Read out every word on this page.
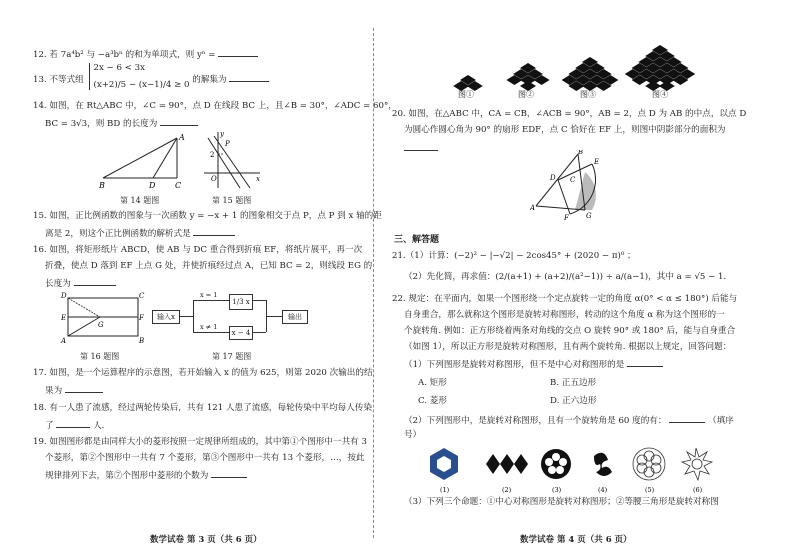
12. 若 7a⁴b² 与 −a³bⁿ 的和为单项式，则 yⁿ =
13. 不等式组
2x − 6 < 3x
(x+2)/5 − (x−1)/4 ≥ 0 的解集为
14. 如图，在 Rt△ABC 中，∠C = 90°，点 D 在线段 BC 上，且∠B = 30°，∠ADC = 60°，
BC = 3√3，则 BD 的长度为
A
B	D C
y
2
P
O	x
第 14 题图	第 15 题图
15. 如图，正比例函数的图象与一次函数 y = −x + 1 的图象相交于点 P，点 P 到 x 轴的距
离是 2，则这个正比例函数的解析式是
16. 如图，将矩形纸片 ABCD，使 AB 与 DC 重合得到折痕 EF，将纸片展平，再一次
折叠，使点 D 落到 EF 上点 G 处，并使折痕经过点 A，已知 BC = 2，则线段 EG 的
长度为
D	C
E	F
G
A	B
输入x
x = 1
x ≠ 1
1/3 x
x − 4
输出
第 16 题图	第 17 题图
17. 如图，是一个运算程序的示意图，若开始输入 x 的值为 625，则第 2020 次输出的结
果为
18. 有一人患了流感，经过两轮传染后，共有 121 人患了流感，每轮传染中平均每人传染
了	人.
19. 如图图形都是由同样大小的菱形按照一定规律所组成的，其中第①个图形中一共有 3
个菱形，第②个图形中一共有 7 个菱形，第③个图形中一共有 13 个菱形，…，按此
规律排列下去，第⑦个图形中菱形的个数为
数学试卷 第 3 页（共 6 页）
图①	图②	图③	图④
20. 如图，在△ABC 中，CA = CB，∠ACB = 90°，AB = 2，点 D 为 AB 的中点，以点 D
为圆心作圆心角为 90° 的扇形 EDF，点 C 恰好在 EF 上，则图中阴影部分的面积为
B
E
D C
A
F G
三、解答题
21.（1）计算：(−2)² − |−√2| − 2cos45° + (2020 − π)⁰ ；
（2）先化简，再求值：(2/(a+1) + (a+2)/(a²−1)) ÷ a/(a−1)，其中 a = √5 − 1.
22. 规定：在平面内，如果一个图形绕一个定点旋转一定的角度 α(0° < α ≤ 180°) 后能与
自身重合，那么就称这个图形是旋转对称图形，转动的这个角度 α 称为这个图形的一
个旋转角. 例如：正方形绕着两条对角线的交点 O 旋转 90° 或 180° 后，能与自身重合
（如图 1），所以正方形是旋转对称图形，且有两个旋转角. 根据以上规定，回答问题：
（1）下列图形是旋转对称图形，但不是中心对称图形的是
A. 矩形	B. 正五边形
C. 菱形	D. 正六边形
（2）下列图形中，是旋转对称图形，且有一个旋转角是 60 度的有：	（填序
号）
(1)	(2)	(3)	(4)	(5)	(6)
（3）下列三个命题：①中心对称图形是旋转对称图形；②等腰三角形是旋转对称图
数学试卷 第 4 页（共 6 页）
